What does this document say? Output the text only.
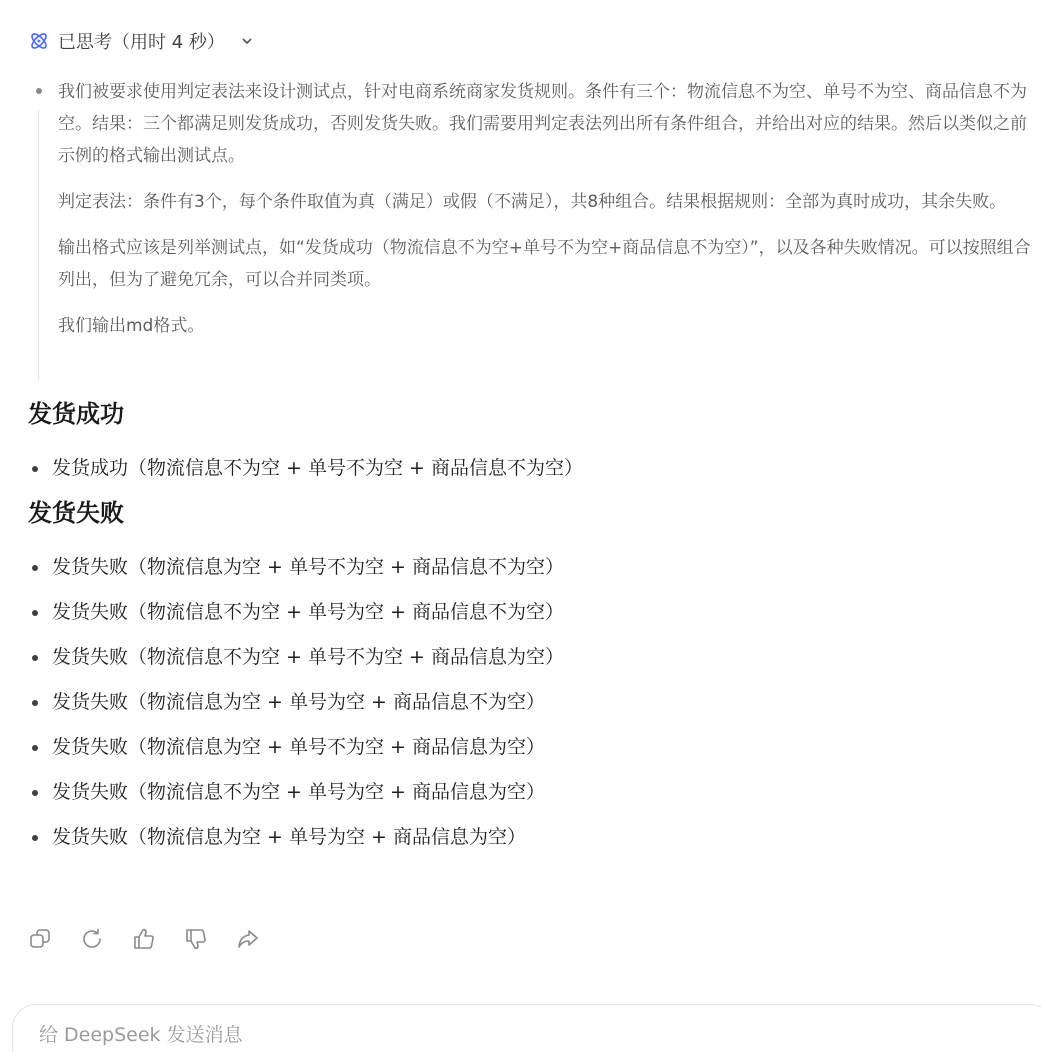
已思考（用时 4 秒）

我们被要求使用判定表法来设计测试点，针对电商系统商家发货规则。条件有三个：物流信息不为空、单号不为空、商品信息不为空。结果：三个都满足则发货成功，否则发货失败。我们需要用判定表法列出所有条件组合，并给出对应的结果。然后以类似之前示例的格式输出测试点。

判定表法：条件有3个，每个条件取值为真（满足）或假（不满足），共8种组合。结果根据规则：全部为真时成功，其余失败。

输出格式应该是列举测试点，如“发货成功（物流信息不为空+单号不为空+商品信息不为空）”，以及各种失败情况。可以按照组合列出，但为了避免冗余，可以合并同类项。

我们输出md格式。

发货成功
发货成功（物流信息不为空 + 单号不为空 + 商品信息不为空）
发货失败
发货失败（物流信息为空 + 单号不为空 + 商品信息不为空）
发货失败（物流信息不为空 + 单号为空 + 商品信息不为空）
发货失败（物流信息不为空 + 单号不为空 + 商品信息为空）
发货失败（物流信息为空 + 单号为空 + 商品信息不为空）
发货失败（物流信息为空 + 单号不为空 + 商品信息为空）
发货失败（物流信息不为空 + 单号为空 + 商品信息为空）
发货失败（物流信息为空 + 单号为空 + 商品信息为空）
给 DeepSeek 发送消息
